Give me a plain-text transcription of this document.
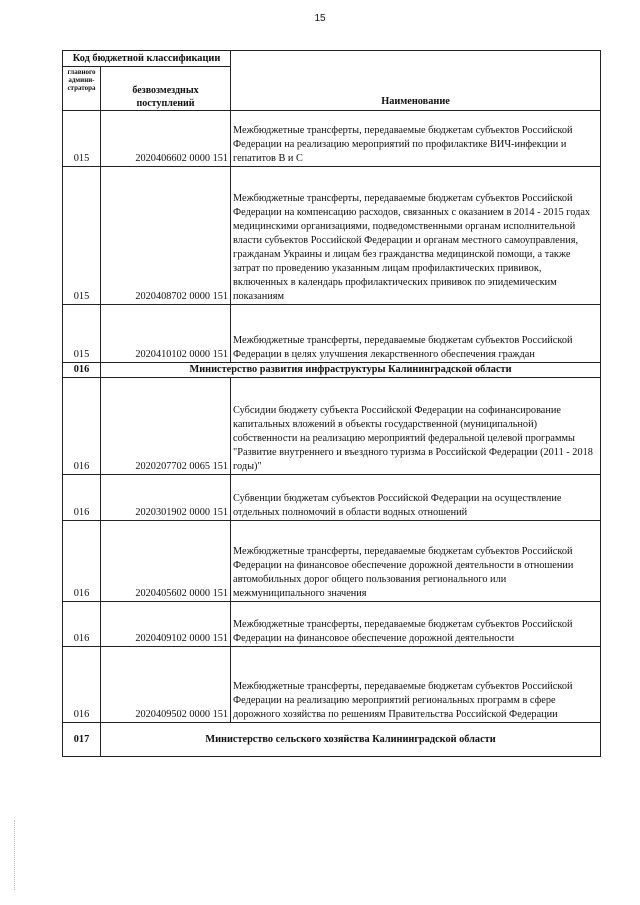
15
Код бюджетной классификации		Наименование
главного админи-стратора	безвозмездных поступлений	
015	2020406602 0000 151	Межбюджетные трансферты, передаваемые бюджетам субъектов Российской Федерации на реализацию мероприятий по профилактике ВИЧ-инфекции и гепатитов В и С
015	2020408702 0000 151	Межбюджетные трансферты, передаваемые бюджетам субъектов Российской Федерации на компенсацию расходов, связанных с оказанием в 2014 - 2015 годах медицинскими организациями, подведомственными органам исполнительной власти субъектов Российской Федерации и органам местного самоуправления, гражданам Украины и лицам без гражданства медицинской помощи, а также затрат по проведению указанным лицам профилактических прививок, включенных в календарь профилактических прививок по эпидемическим показаниям
015	2020410102 0000 151	Межбюджетные трансферты, передаваемые бюджетам субъектов Российской Федерации в целях улучшения лекарственного обеспечения граждан
016	Министерство развития инфраструктуры Калининградской области	
016	2020207702 0065 151	Субсидии бюджету субъекта Российской Федерации на софинансирование капитальных вложений в объекты государственной (муниципальной) собственности на реализацию мероприятий федеральной целевой программы "Развитие внутреннего и въездного туризма в Российской Федерации (2011 - 2018 годы)"
016	2020301902 0000 151	Субвенции бюджетам субъектов Российской Федерации на осуществление отдельных полномочий в области водных отношений
016	2020405602 0000 151	Межбюджетные трансферты, передаваемые бюджетам субъектов Российской Федерации на финансовое обеспечение дорожной деятельности в отношении автомобильных дорог общего пользования регионального или межмуниципального значения
016	2020409102 0000 151	Межбюджетные трансферты, передаваемые бюджетам субъектов Российской Федерации на финансовое обеспечение дорожной деятельности
016	2020409502 0000 151	Межбюджетные трансферты, передаваемые бюджетам субъектов Российской Федерации на реализацию мероприятий региональных программ в сфере дорожного хозяйства по решениям Правительства Российской Федерации
017	Министерство сельского хозяйства Калининградской области	
